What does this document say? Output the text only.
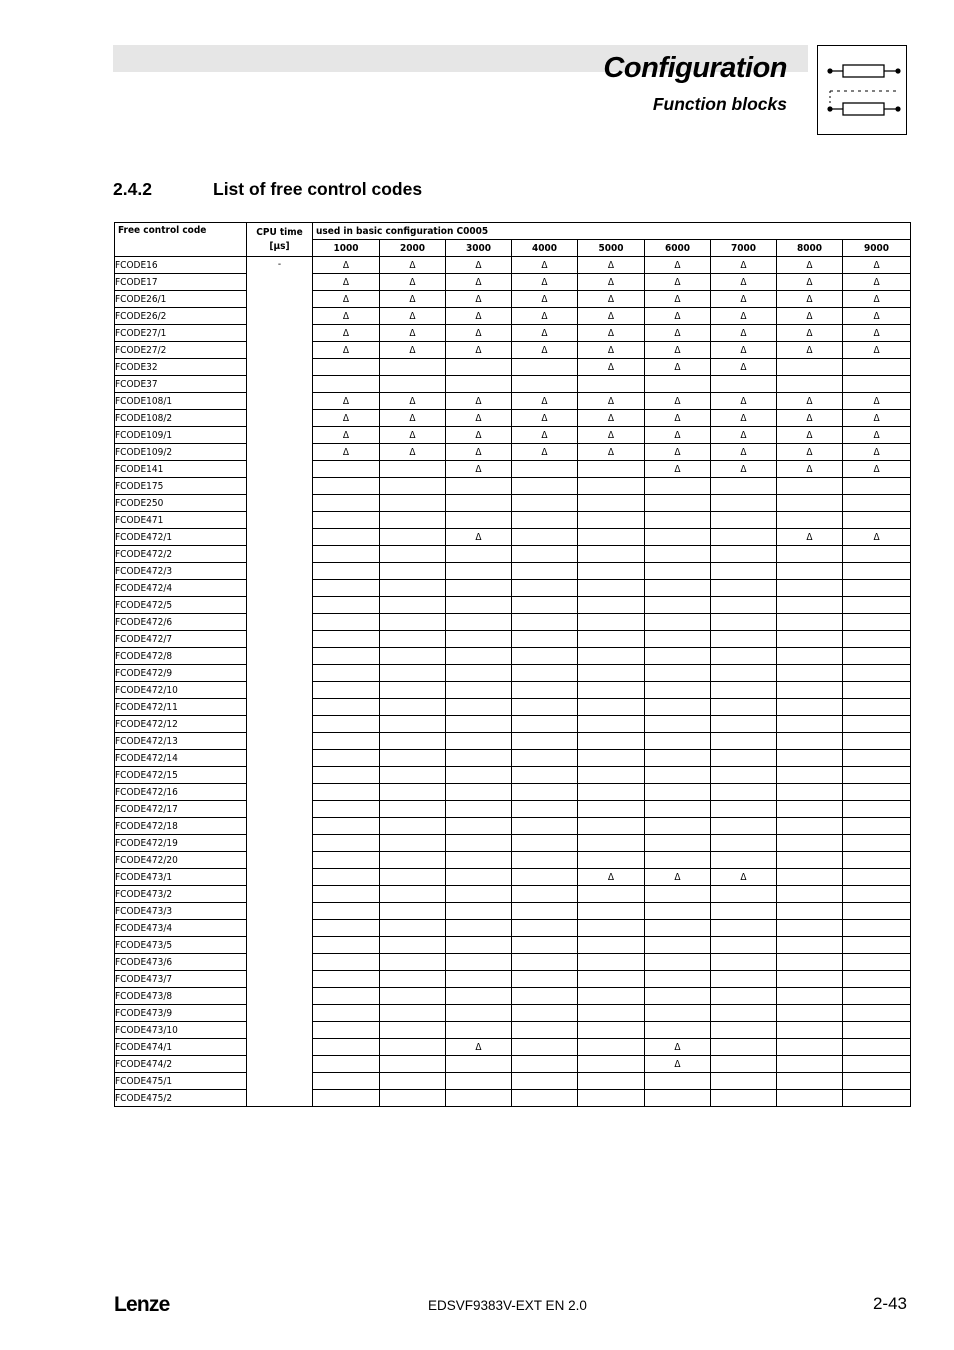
Configuration
Function blocks
2.4.2	List of free control codes
Free control code	CPU time
[μs]	used in basic configuration C0005								
		1000	2000	3000	4000	5000	6000	7000	8000	9000
FCODE16	-	Δ	Δ	Δ	Δ	Δ	Δ	Δ	Δ	Δ
FCODE17		Δ	Δ	Δ	Δ	Δ	Δ	Δ	Δ	Δ
FCODE26/1		Δ	Δ	Δ	Δ	Δ	Δ	Δ	Δ	Δ
FCODE26/2		Δ	Δ	Δ	Δ	Δ	Δ	Δ	Δ	Δ
FCODE27/1		Δ	Δ	Δ	Δ	Δ	Δ	Δ	Δ	Δ
FCODE27/2		Δ	Δ	Δ	Δ	Δ	Δ	Δ	Δ	Δ
FCODE32						Δ	Δ	Δ		
FCODE37										
FCODE108/1		Δ	Δ	Δ	Δ	Δ	Δ	Δ	Δ	Δ
FCODE108/2		Δ	Δ	Δ	Δ	Δ	Δ	Δ	Δ	Δ
FCODE109/1		Δ	Δ	Δ	Δ	Δ	Δ	Δ	Δ	Δ
FCODE109/2		Δ	Δ	Δ	Δ	Δ	Δ	Δ	Δ	Δ
FCODE141				Δ			Δ	Δ	Δ	Δ
FCODE175										
FCODE250										
FCODE471										
FCODE472/1				Δ					Δ	Δ
FCODE472/2										
FCODE472/3										
FCODE472/4										
FCODE472/5										
FCODE472/6										
FCODE472/7										
FCODE472/8										
FCODE472/9										
FCODE472/10										
FCODE472/11										
FCODE472/12										
FCODE472/13										
FCODE472/14										
FCODE472/15										
FCODE472/16										
FCODE472/17										
FCODE472/18										
FCODE472/19										
FCODE472/20										
FCODE473/1						Δ	Δ	Δ		
FCODE473/2										
FCODE473/3										
FCODE473/4										
FCODE473/5										
FCODE473/6										
FCODE473/7										
FCODE473/8										
FCODE473/9										
FCODE473/10										
FCODE474/1				Δ			Δ			
FCODE474/2							Δ			
FCODE475/1										
FCODE475/2										
Lenze	EDSVF9383V-EXT EN 2.0	2-43
